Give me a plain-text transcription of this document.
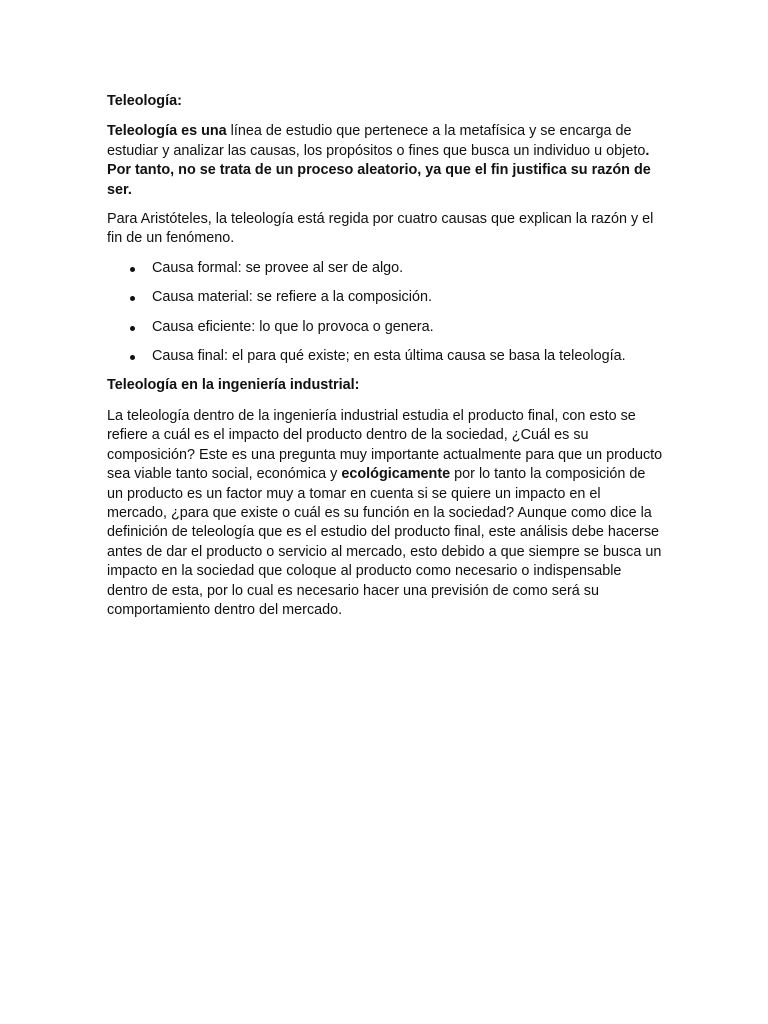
Teleología:

Teleología es una línea de estudio que pertenece a la metafísica y se encarga de estudiar y analizar las causas, los propósitos o fines que busca un individuo u objeto. Por tanto, no se trata de un proceso aleatorio, ya que el fin justifica su razón de ser.

Para Aristóteles, la teleología está regida por cuatro causas que explican la razón y el fin de un fenómeno.

Causa formal: se provee al ser de algo.
Causa material: se refiere a la composición.
Causa eficiente: lo que lo provoca o genera.
Causa final: el para qué existe; en esta última causa se basa la teleología.
Teleología en la ingeniería industrial:

La teleología dentro de la ingeniería industrial estudia el producto final, con esto se refiere a cuál es el impacto del producto dentro de la sociedad, ¿Cuál es su composición? Este es una pregunta muy importante actualmente para que un producto sea viable tanto social, económica y ecológicamente por lo tanto la composición de un producto es un factor muy a tomar en cuenta si se quiere un impacto en el mercado, ¿para que existe o cuál es su función en la sociedad? Aunque como dice la definición de teleología que es el estudio del producto final, este análisis debe hacerse antes de dar el producto o servicio al mercado, esto debido a que siempre se busca un impacto en la sociedad que coloque al producto como necesario o indispensable dentro de esta, por lo cual es necesario hacer una previsión de como será su comportamiento dentro del mercado.
